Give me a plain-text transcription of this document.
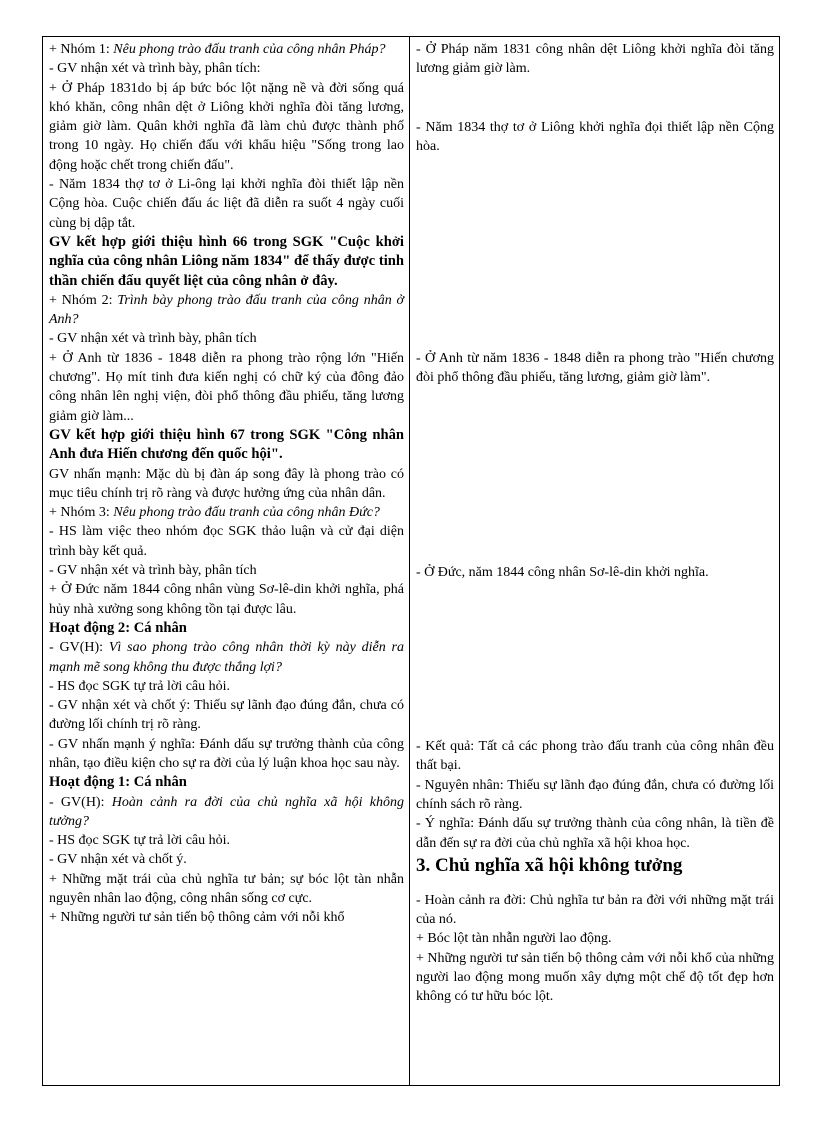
+ Nhóm 1: Nêu phong trào đấu tranh của công nhân Pháp?

- GV nhận xét và trình bày, phân tích:

+ Ở Pháp 1831do bị áp bức bóc lột nặng nề và đời sống quá khó khăn, công nhân dệt ở Liông khởi nghĩa đòi tăng lương, giảm giờ làm. Quân khởi nghĩa đã làm chủ được thành phố trong 10 ngày. Họ chiến đấu với khẩu hiệu "Sống trong lao động hoặc chết trong chiến đấu".

- Năm 1834 thợ tơ ở Li-ông lại khởi nghĩa đòi thiết lập nền Cộng hòa. Cuộc chiến đấu ác liệt đã diễn ra suốt 4 ngày cuối cùng bị dập tắt.

GV kết hợp giới thiệu hình 66 trong SGK "Cuộc khởi nghĩa của công nhân Liông năm 1834" để thấy được tinh thần chiến đấu quyết liệt của công nhân ở đây.

+ Nhóm 2: Trình bày phong trào đấu tranh của công nhân ở Anh?

- GV nhận xét và trình bày, phân tích

+ Ở Anh từ 1836 - 1848 diễn ra phong trào rộng lớn "Hiến chương". Họ mít tinh đưa kiến nghị có chữ ký của đông đảo công nhân lên nghị viện, đòi phổ thông đầu phiếu, tăng lương giảm giờ làm...

GV kết hợp giới thiệu hình 67 trong SGK "Công nhân Anh đưa Hiến chương đến quốc hội".

GV nhấn mạnh: Mặc dù bị đàn áp song đây là phong trào có mục tiêu chính trị rõ ràng và được hưởng ứng của nhân dân.

+ Nhóm 3: Nêu phong trào đấu tranh của công nhân Đức?

- HS làm việc theo nhóm đọc SGK thảo luận và cử đại diện trình bày kết quả.

- GV nhận xét và trình bày, phân tích

+ Ở Đức năm 1844 công nhân vùng Sơ-lê-din khởi nghĩa, phá hủy nhà xưởng song không tồn tại được lâu.

Hoạt động 2: Cá nhân

- GV(H): Vì sao phong trào công nhân thời kỳ này diễn ra mạnh mẽ song không thu được thắng lợi?

- HS đọc SGK tự trả lời câu hỏi.

- GV nhận xét và chốt ý: Thiếu sự lãnh đạo đúng đắn, chưa có đường lối chính trị rõ ràng.

- GV nhấn mạnh ý nghĩa: Đánh dấu sự trưởng thành của công nhân, tạo điều kiện cho sự ra đời của lý luận khoa học sau này.

Hoạt động 1: Cá nhân

- GV(H): Hoàn cảnh ra đời của chủ nghĩa xã hội không tưởng?

- HS đọc SGK tự trả lời câu hỏi.

- GV nhận xét và chốt ý.

+ Những mặt trái của chủ nghĩa tư bản; sự bóc lột tàn nhẫn nguyên nhân lao động, công nhân sống cơ cực.

+ Những người tư sản tiến bộ thông cảm với nỗi khổ

- Ở Pháp năm 1831 công nhân dệt Liông khởi nghĩa đòi tăng lương giảm giờ làm.

- Năm 1834 thợ tơ ở Liông khởi nghĩa đọi thiết lập nền Cộng hòa.

- Ở Anh từ năm 1836 - 1848 diễn ra phong trào "Hiến chương đòi phổ thông đầu phiếu, tăng lương, giảm giờ làm".

- Ở Đức, năm 1844 công nhân Sơ-lê-din khởi nghĩa.

- Kết quả: Tất cả các phong trào đấu tranh của công nhân đều thất bại.

- Nguyên nhân: Thiếu sự lãnh đạo đúng đắn, chưa có đường lối chính sách rõ ràng.

- Ý nghĩa: Đánh dấu sự trưởng thành của công nhân, là tiền đề dẫn đến sự ra đời của chủ nghĩa xã hội khoa học.

3. Chủ nghĩa xã hội không tưởng

- Hoàn cảnh ra đời: Chủ nghĩa tư bản ra đời với những mặt trái của nó.

+ Bóc lột tàn nhẫn người lao động.

+ Những người tư sản tiến bộ thông cảm với nỗi khổ của những người lao động mong muốn xây dựng một chế độ tốt đẹp hơn không có tư hữu bóc lột.
